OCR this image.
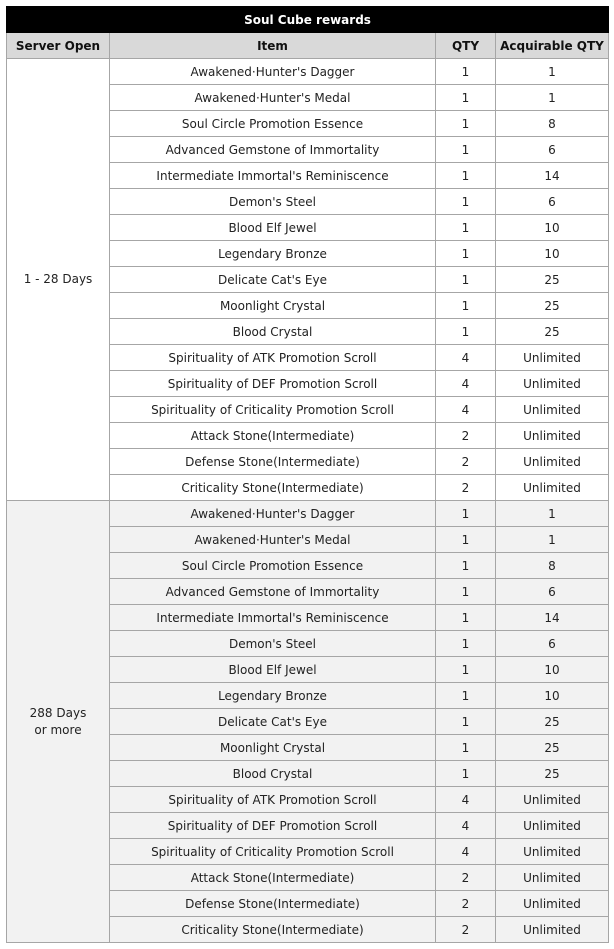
Soul Cube rewards			
Server Open	Item	QTY	Acquirable QTY
1 - 28 Days	Awakened·Hunter's Dagger	1	1
	Awakened·Hunter's Medal	1	1
	Soul Circle Promotion Essence	1	8
	Advanced Gemstone of Immortality	1	6
	Intermediate Immortal's Reminiscence	1	14
	Demon's Steel	1	6
	Blood Elf Jewel	1	10
	Legendary Bronze	1	10
	Delicate Cat's Eye	1	25
	Moonlight Crystal	1	25
	Blood Crystal	1	25
	Spirituality of ATK Promotion Scroll	4	Unlimited
	Spirituality of DEF Promotion Scroll	4	Unlimited
	Spirituality of Criticality Promotion Scroll	4	Unlimited
	Attack Stone(Intermediate)	2	Unlimited
	Defense Stone(Intermediate)	2	Unlimited
	Criticality Stone(Intermediate)	2	Unlimited
288 Days
or more	Awakened·Hunter's Dagger	1	1
	Awakened·Hunter's Medal	1	1
	Soul Circle Promotion Essence	1	8
	Advanced Gemstone of Immortality	1	6
	Intermediate Immortal's Reminiscence	1	14
	Demon's Steel	1	6
	Blood Elf Jewel	1	10
	Legendary Bronze	1	10
	Delicate Cat's Eye	1	25
	Moonlight Crystal	1	25
	Blood Crystal	1	25
	Spirituality of ATK Promotion Scroll	4	Unlimited
	Spirituality of DEF Promotion Scroll	4	Unlimited
	Spirituality of Criticality Promotion Scroll	4	Unlimited
	Attack Stone(Intermediate)	2	Unlimited
	Defense Stone(Intermediate)	2	Unlimited
	Criticality Stone(Intermediate)	2	Unlimited
